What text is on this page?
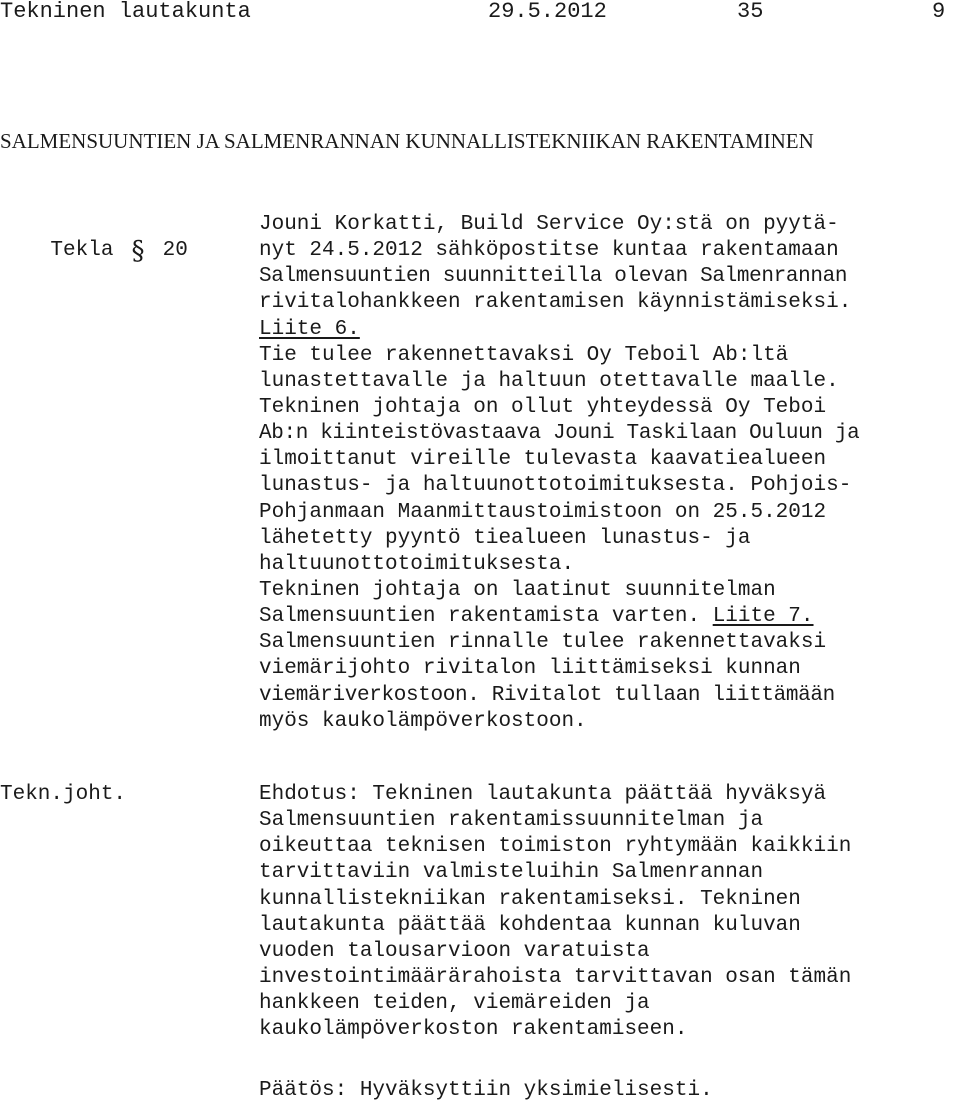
Tekninen lautakunta	29.5.2012	35	9
SALMENSUUNTIEN JA SALMENRANNAN KUNNALLISTEKNIIKAN RAKENTAMINEN

Tekla § 20

Jouni Korkatti, Build Service Oy:stä on pyytä-
nyt 24.5.2012 sähköpostitse kuntaa rakentamaan
Salmensuuntien suunnitteilla olevan Salmenrannan
rivitalohankkeen rakentamisen käynnistämiseksi.
Liite 6.
Tie tulee rakennettavaksi Oy Teboil Ab:ltä
lunastettavalle ja haltuun otettavalle maalle.
Tekninen johtaja on ollut yhteydessä Oy Teboi
Ab:n kiinteistövastaava Jouni Taskilaan Ouluun ja
ilmoittanut vireille tulevasta kaavatiealueen
lunastus- ja haltuunottotoimituksesta. Pohjois-
Pohjanmaan Maanmittaustoimistoon on 25.5.2012
lähetetty pyyntö tiealueen lunastus- ja
haltuunottotoimituksesta.
Tekninen johtaja on laatinut suunnitelman
Salmensuuntien rakentamista varten. Liite 7.
Salmensuuntien rinnalle tulee rakennettavaksi
viemärijohto rivitalon liittämiseksi kunnan
viemäriverkostoon. Rivitalot tullaan liittämään
myös kaukolämpöverkostoon.
Tekn.joht.	Ehdotus: Tekninen lautakunta päättää hyväksyä
Salmensuuntien rakentamissuunnitelman ja
oikeuttaa teknisen toimiston ryhtymään kaikkiin
tarvittaviin valmisteluihin Salmenrannan
kunnallistekniikan rakentamiseksi. Tekninen
lautakunta päättää kohdentaa kunnan kuluvan
vuoden talousarvioon varatuista
investointimäärärahoista tarvittavan osan tämän
hankkeen teiden, viemäreiden ja
kaukolämpöverkoston rakentamiseen.
Päätös: Hyväksyttiin yksimielisesti.
